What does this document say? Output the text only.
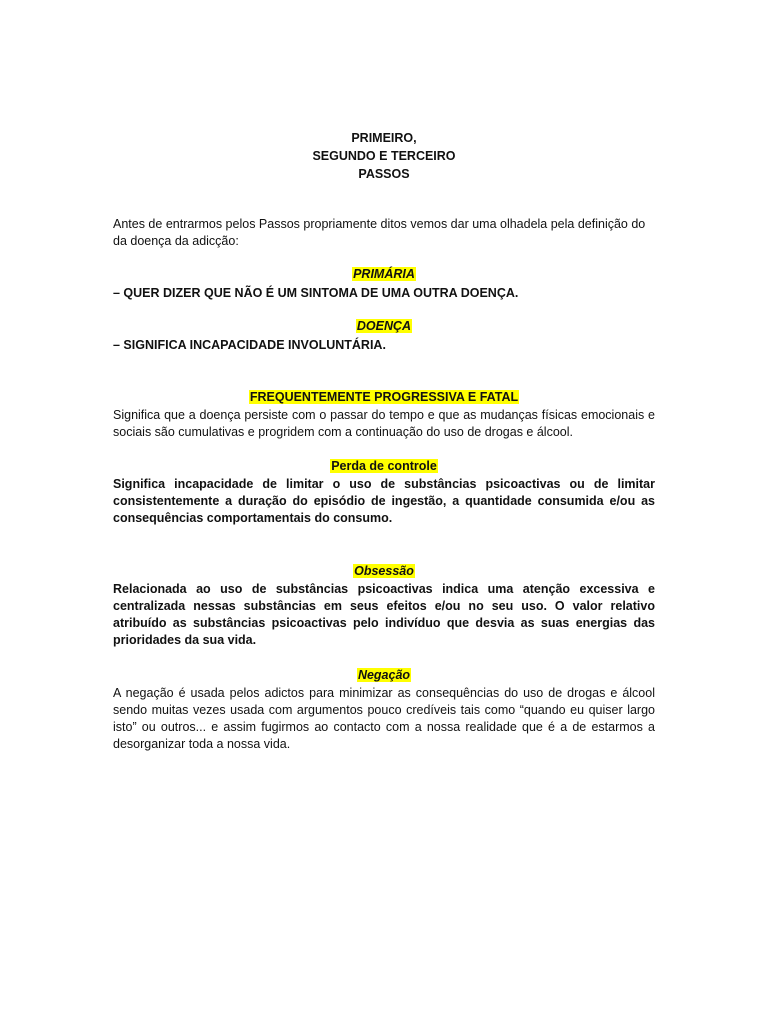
PRIMEIRO,
SEGUNDO E TERCEIRO
PASSOS
Antes de entrarmos pelos Passos propriamente ditos vemos dar uma olhadela pela definição do da doença da adicção:
PRIMÁRIA
– QUER DIZER QUE NÃO É UM SINTOMA DE UMA OUTRA DOENÇA.
DOENÇA
– SIGNIFICA INCAPACIDADE INVOLUNTÁRIA.
FREQUENTEMENTE PROGRESSIVA E FATAL
Significa que a doença persiste com o passar do tempo e que as mudanças físicas emocionais e sociais são cumulativas e progridem com a continuação do uso de drogas e álcool.
Perda de controle
Significa incapacidade de limitar o uso de substâncias psicoactivas ou de limitar consistentemente a duração do episódio de ingestão, a quantidade consumida e/ou as consequências comportamentais do consumo.
Obsessão
Relacionada ao uso de substâncias psicoactivas indica uma atenção excessiva e centralizada nessas substâncias em seus efeitos e/ou no seu uso. O valor relativo atribuído as substâncias psicoactivas pelo indivíduo que desvia as suas energias das prioridades da sua vida.
Negação
A negação é usada pelos adictos para minimizar as consequências do uso de drogas e álcool sendo muitas vezes usada com argumentos pouco credíveis tais como “quando eu quiser largo isto” ou outros... e assim fugirmos ao contacto com a nossa realidade que é a de estarmos a desorganizar toda a nossa vida.
